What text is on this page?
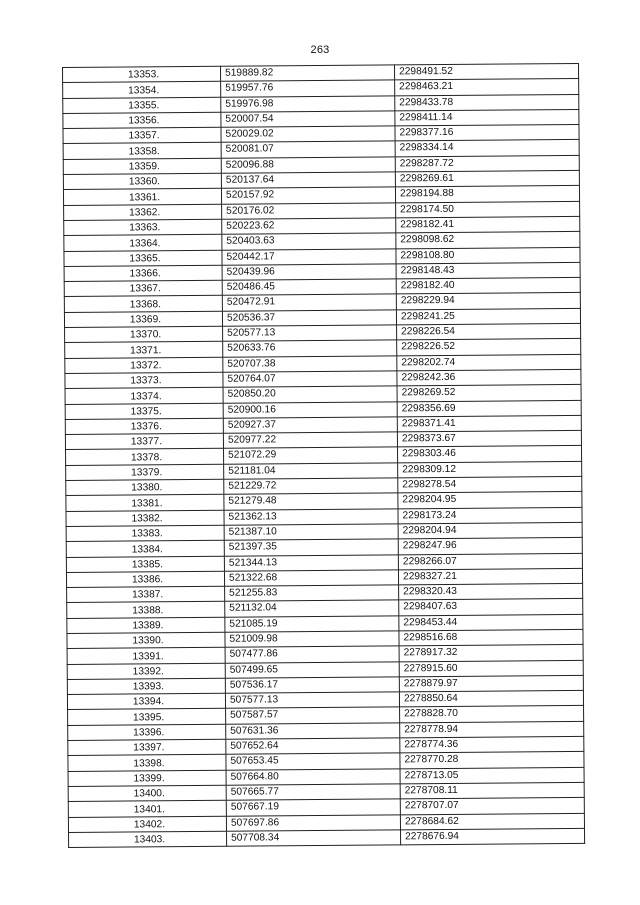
263
13353.	519889.82	2298491.52
13354.	519957.76	2298463.21
13355.	519976.98	2298433.78
13356.	520007.54	2298411.14
13357.	520029.02	2298377.16
13358.	520081.07	2298334.14
13359.	520096.88	2298287.72
13360.	520137.64	2298269.61
13361.	520157.92	2298194.88
13362.	520176.02	2298174.50
13363.	520223.62	2298182.41
13364.	520403.63	2298098.62
13365.	520442.17	2298108.80
13366.	520439.96	2298148.43
13367.	520486.45	2298182.40
13368.	520472.91	2298229.94
13369.	520536.37	2298241.25
13370.	520577.13	2298226.54
13371.	520633.76	2298226.52
13372.	520707.38	2298202.74
13373.	520764.07	2298242.36
13374.	520850.20	2298269.52
13375.	520900.16	2298356.69
13376.	520927.37	2298371.41
13377.	520977.22	2298373.67
13378.	521072.29	2298303.46
13379.	521181.04	2298309.12
13380.	521229.72	2298278.54
13381.	521279.48	2298204.95
13382.	521362.13	2298173.24
13383.	521387.10	2298204.94
13384.	521397.35	2298247.96
13385.	521344.13	2298266.07
13386.	521322.68	2298327.21
13387.	521255.83	2298320.43
13388.	521132.04	2298407.63
13389.	521085.19	2298453.44
13390.	521009.98	2298516.68
13391.	507477.86	2278917.32
13392.	507499.65	2278915.60
13393.	507536.17	2278879.97
13394.	507577.13	2278850.64
13395.	507587.57	2278828.70
13396.	507631.36	2278778.94
13397.	507652.64	2278774.36
13398.	507653.45	2278770.28
13399.	507664.80	2278713.05
13400.	507665.77	2278708.11
13401.	507667.19	2278707.07
13402.	507697.86	2278684.62
13403.	507708.34	2278676.94
